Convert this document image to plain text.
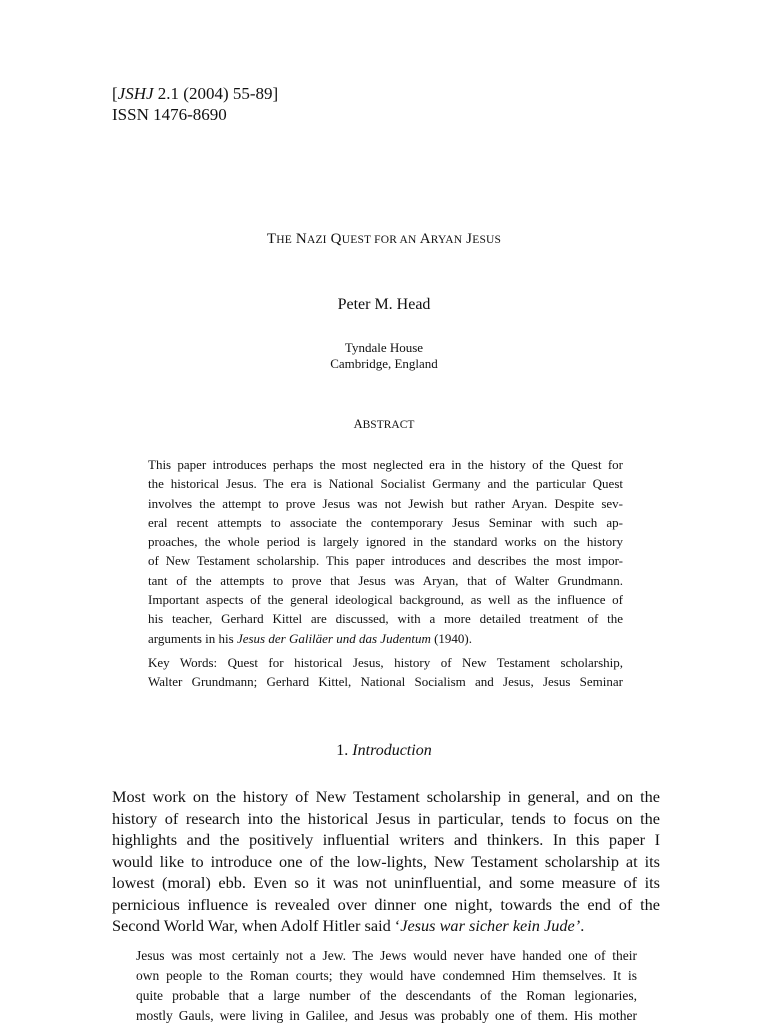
[JSHJ 2.1 (2004) 55-89]
ISSN 1476-8690
THE NAZI QUEST FOR AN ARYAN JESUS
Peter M. Head
Tyndale House
Cambridge, England
ABSTRACT
This paper introduces perhaps the most neglected era in the history of the Quest for
the historical Jesus. The era is National Socialist Germany and the particular Quest
involves the attempt to prove Jesus was not Jewish but rather Aryan. Despite sev-
eral recent attempts to associate the contemporary Jesus Seminar with such ap-
proaches, the whole period is largely ignored in the standard works on the history
of New Testament scholarship. This paper introduces and describes the most impor-
tant of the attempts to prove that Jesus was Aryan, that of Walter Grundmann.
Important aspects of the general ideological background, as well as the influence of
his teacher, Gerhard Kittel are discussed, with a more detailed treatment of the
arguments in his Jesus der Galiläer und das Judentum (1940).
Key Words: Quest for historical Jesus, history of New Testament scholarship,
Walter Grundmann; Gerhard Kittel, National Socialism and Jesus, Jesus Seminar
1. Introduction
Most work on the history of New Testament scholarship in general, and on the
history of research into the historical Jesus in particular, tends to focus on the
highlights and the positively influential writers and thinkers. In this paper I
would like to introduce one of the low-lights, New Testament scholarship at its
lowest (moral) ebb. Even so it was not uninfluential, and some measure of its
pernicious influence is revealed over dinner one night, towards the end of the
Second World War, when Adolf Hitler said ‘Jesus war sicher kein Jude’.
Jesus was most certainly not a Jew. The Jews would never have handed one of their
own people to the Roman courts; they would have condemned Him themselves. It is
quite probable that a large number of the descendants of the Roman legionaries,
mostly Gauls, were living in Galilee, and Jesus was probably one of them. His mother
